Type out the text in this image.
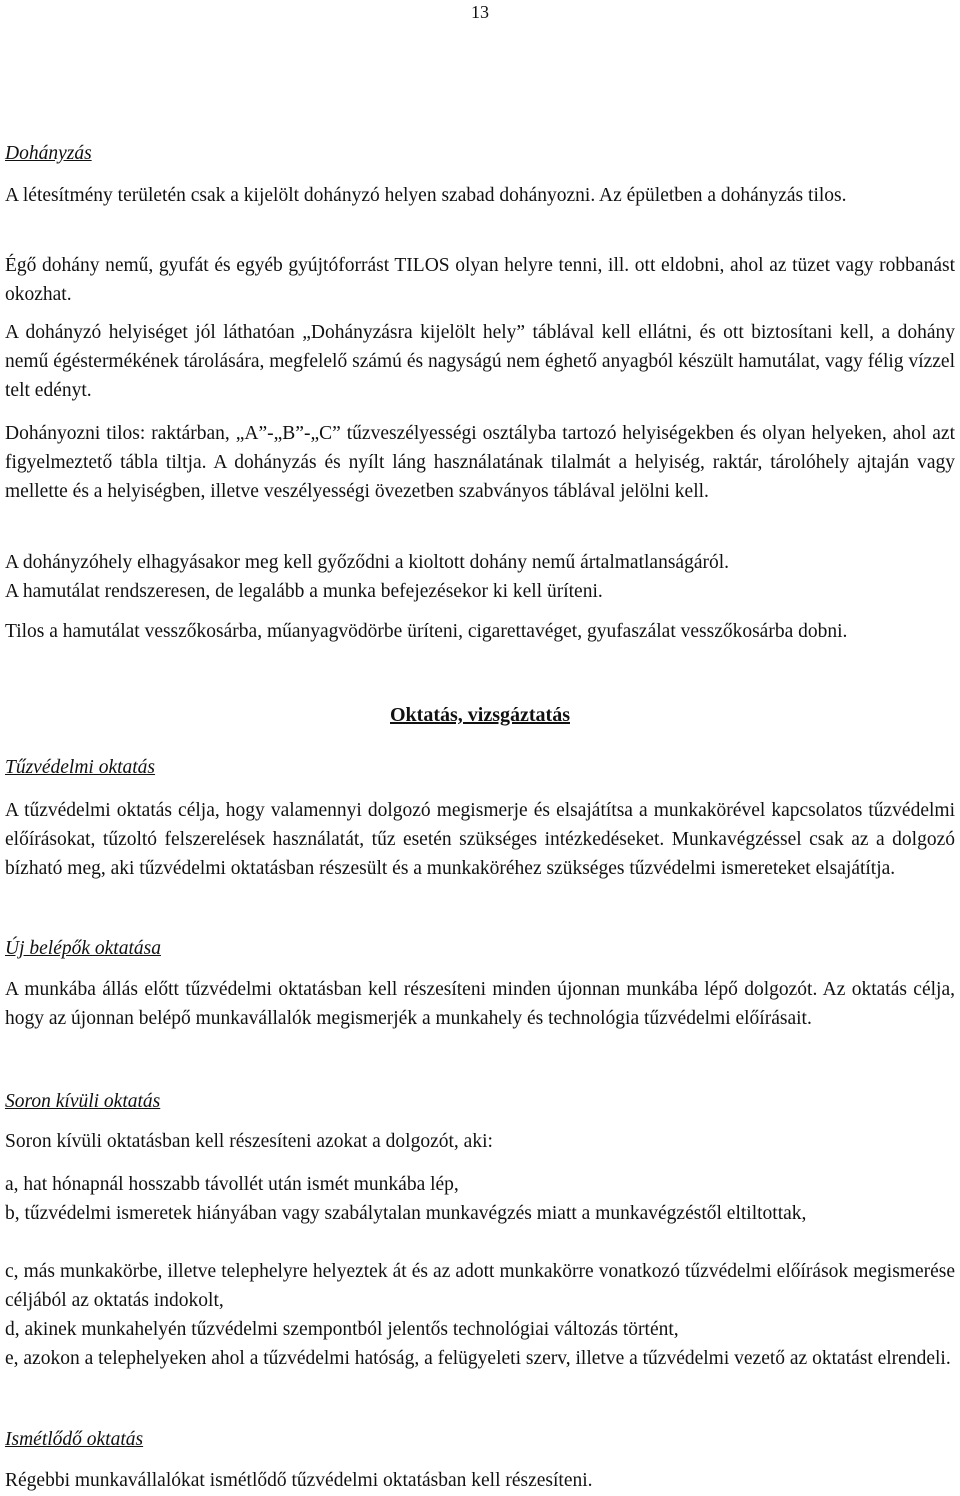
13

Dohányzás

A létesítmény területén csak a kijelölt dohányzó helyen szabad dohányozni. Az épületben a dohányzás tilos.

Égő dohány nemű, gyufát és egyéb gyújtóforrást TILOS olyan helyre tenni, ill. ott eldobni, ahol az tüzet vagy robbanást okozhat.

A dohányzó helyiséget jól láthatóan „Dohányzásra kijelölt hely” táblával kell ellátni, és ott biztosítani kell, a dohány nemű égéstermékének tárolására, megfelelő számú és nagyságú nem éghető anyagból készült hamutálat, vagy félig vízzel telt edényt.

Dohányozni tilos: raktárban, „A”-„B”-„C” tűzveszélyességi osztályba tartozó helyiségekben és olyan helyeken, ahol azt figyelmeztető tábla tiltja. A dohányzás és nyílt láng használatának tilalmát a helyiség, raktár, tárolóhely ajtaján vagy mellette és a helyiségben, illetve veszélyességi övezetben szabványos táblával jelölni kell.

A dohányzóhely elhagyásakor meg kell győződni a kioltott dohány nemű ártalmatlanságáról.

A hamutálat rendszeresen, de legalább a munka befejezésekor ki kell üríteni.

Tilos a hamutálat vesszőkosárba, műanyagvödörbe üríteni, cigarettavéget, gyufaszálat vesszőkosárba dobni.

Oktatás, vizsgáztatás

Tűzvédelmi oktatás

A tűzvédelmi oktatás célja, hogy valamennyi dolgozó megismerje és elsajátítsa a munkakörével kapcsolatos tűzvédelmi előírásokat, tűzoltó felszerelések használatát, tűz esetén szükséges intézkedéseket. Munkavégzéssel csak az a dolgozó bízható meg, aki tűzvédelmi oktatásban részesült és a munkaköréhez szükséges tűzvédelmi ismereteket elsajátítja.

Új belépők oktatása

A munkába állás előtt tűzvédelmi oktatásban kell részesíteni minden újonnan munkába lépő dolgozót. Az oktatás célja, hogy az újonnan belépő munkavállalók megismerjék a munkahely és technológia tűzvédelmi előírásait.

Soron kívüli oktatás

Soron kívüli oktatásban kell részesíteni azokat a dolgozót, aki:

a, hat hónapnál hosszabb távollét után ismét munkába lép,

b, tűzvédelmi ismeretek hiányában vagy szabálytalan munkavégzés miatt a munkavégzéstől eltiltottak,

c, más munkakörbe, illetve telephelyre helyeztek át és az adott munkakörre vonatkozó tűzvédelmi előírások megismerése céljából az oktatás indokolt,

d, akinek munkahelyén tűzvédelmi szempontból jelentős technológiai változás történt,

e, azokon a telephelyeken ahol a tűzvédelmi hatóság, a felügyeleti szerv, illetve a tűzvédelmi vezető az oktatást elrendeli.

Ismétlődő oktatás

Régebbi munkavállalókat ismétlődő tűzvédelmi oktatásban kell részesíteni.
